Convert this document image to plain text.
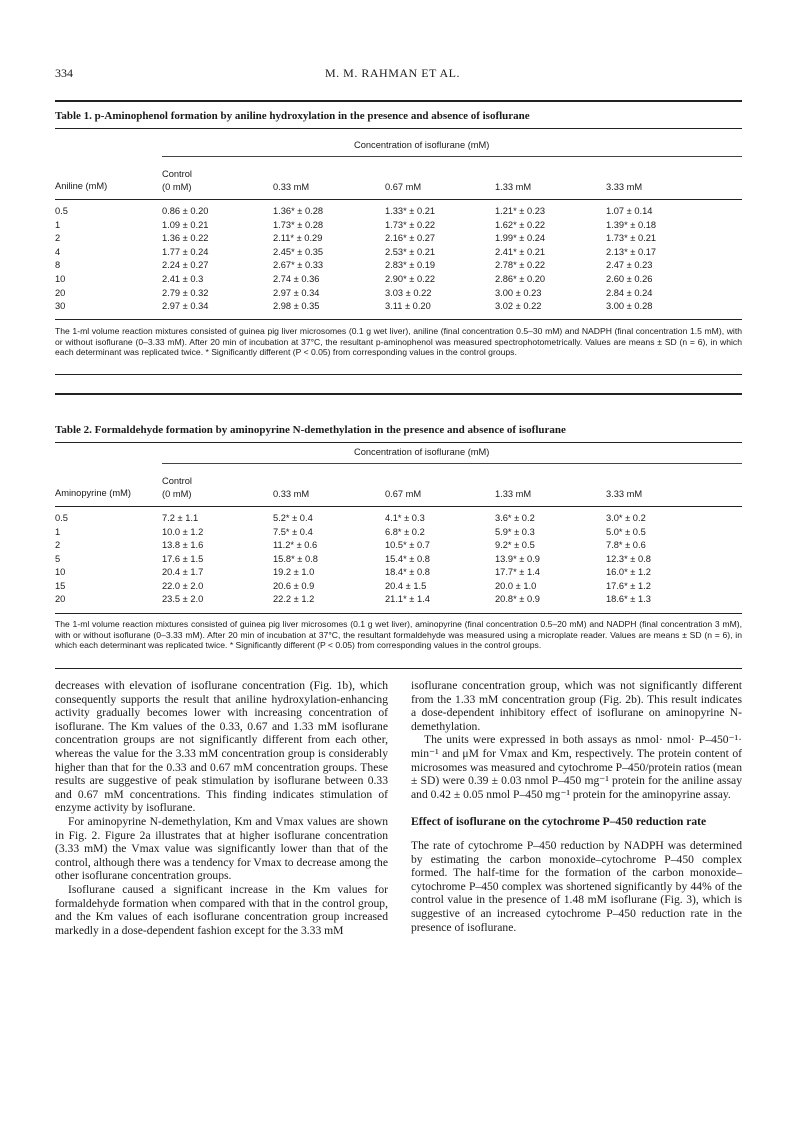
334	M. M. RAHMAN ET AL.
Table 1. p-Aminophenol formation by aniline hydroxylation in the presence and absence of isoflurane
Concentration of isoflurane (mM)
Aniline (mM)
Control
(0 mM)	0.33 mM	0.67 mM	1.33 mM	3.33 mM
0.5	0.86 ± 0.20	1.36* ± 0.28	1.33* ± 0.21	1.21* ± 0.23	1.07 ± 0.14
1	1.09 ± 0.21	1.73* ± 0.28	1.73* ± 0.22	1.62* ± 0.22	1.39* ± 0.18
2	1.36 ± 0.22	2.11* ± 0.29	2.16* ± 0.27	1.99* ± 0.24	1.73* ± 0.21
4	1.77 ± 0.24	2.45* ± 0.35	2.53* ± 0.21	2.41* ± 0.21	2.13* ± 0.17
8	2.24 ± 0.27	2.67* ± 0.33	2.83* ± 0.19	2.78* ± 0.22	2.47 ± 0.23
10	2.41 ± 0.3	2.74 ± 0.36	2.90* ± 0.22	2.86* ± 0.20	2.60 ± 0.26
20	2.79 ± 0.32	2.97 ± 0.34	3.03 ± 0.22	3.00 ± 0.23	2.84 ± 0.24
30	2.97 ± 0.34	2.98 ± 0.35	3.11 ± 0.20	3.02 ± 0.22	3.00 ± 0.28
The 1-ml volume reaction mixtures consisted of guinea pig liver microsomes (0.1 g wet liver), aniline (final concentration 0.5–30 mM) and NADPH (final concentration 1.5 mM), with or without isoflurane (0–3.33 mM). After 20 min of incubation at 37°C, the resultant p-aminophenol was measured spectrophotometrically. Values are means ± SD (n = 6), in which each determinant was replicated twice. * Significantly different (P < 0.05) from corresponding values in the control groups.
Table 2. Formaldehyde formation by aminopyrine N-demethylation in the presence and absence of isoflurane
Concentration of isoflurane (mM)
Aminopyrine (mM)
Control
(0 mM)	0.33 mM	0.67 mM	1.33 mM	3.33 mM
0.5	7.2 ± 1.1	5.2* ± 0.4	4.1* ± 0.3	3.6* ± 0.2	3.0* ± 0.2
1	10.0 ± 1.2	7.5* ± 0.4	6.8* ± 0.2	5.9* ± 0.3	5.0* ± 0.5
2	13.8 ± 1.6	11.2* ± 0.6	10.5* ± 0.7	9.2* ± 0.5	7.8* ± 0.6
5	17.6 ± 1.5	15.8* ± 0.8	15.4* ± 0.8	13.9* ± 0.9	12.3* ± 0.8
10	20.4 ± 1.7	19.2 ± 1.0	18.4* ± 0.8	17.7* ± 1.4	16.0* ± 1.2
15	22.0 ± 2.0	20.6 ± 0.9	20.4 ± 1.5	20.0 ± 1.0	17.6* ± 1.2
20	23.5 ± 2.0	22.2 ± 1.2	21.1* ± 1.4	20.8* ± 0.9	18.6* ± 1.3
The 1-ml volume reaction mixtures consisted of guinea pig liver microsomes (0.1 g wet liver), aminopyrine (final concentration 0.5–20 mM) and NADPH (final concentration 3 mM), with or without isoflurane (0–3.33 mM). After 20 min of incubation at 37°C, the resultant formaldehyde was measured using a microplate reader. Values are means ± SD (n = 6), in which each determinant was replicated twice. * Significantly different (P < 0.05) from corresponding values in the control groups.

decreases with elevation of isoflurane concentration (Fig. 1b), which consequently supports the result that aniline hydroxylation-enhancing activity gradually becomes lower with increasing concentration of isoflurane. The Km values of the 0.33, 0.67 and 1.33 mM isoflurane concentration groups are not significantly different from each other, whereas the value for the 3.33 mM concentration group is considerably higher than that for the 0.33 and 0.67 mM concentration groups. These results are suggestive of peak stimulation by isoflurane between 0.33 and 0.67 mM concentrations. This finding indicates stimulation of enzyme activity by isoflurane.

For aminopyrine N-demethylation, Km and Vmax values are shown in Fig. 2. Figure 2a illustrates that at higher isoflurane concentration (3.33 mM) the Vmax value was significantly lower than that of the control, although there was a tendency for Vmax to decrease among the other isoflurane concentration groups.

Isoflurane caused a significant increase in the Km values for formaldehyde formation when compared with that in the control group, and the Km values of each isoflurane concentration group increased markedly in a dose-dependent fashion except for the 3.33 mM

isoflurane concentration group, which was not significantly different from the 1.33 mM concentration group (Fig. 2b). This result indicates a dose-dependent inhibitory effect of isoflurane on aminopyrine N-demethylation.

The units were expressed in both assays as nmol· nmol· P–450⁻¹· min⁻¹ and μM for Vmax and Km, respectively. The protein content of microsomes was measured and cytochrome P–450/protein ratios (mean ± SD) were 0.39 ± 0.03 nmol P–450 mg⁻¹ protein for the aniline assay and 0.42 ± 0.05 nmol P–450 mg⁻¹ protein for the aminopyrine assay.

Effect of isoflurane on the cytochrome P–450 reduction rate

The rate of cytochrome P–450 reduction by NADPH was determined by estimating the carbon monoxide–cytochrome P–450 complex formed. The half-time for the formation of the carbon monoxide–cytochrome P–450 complex was shortened significantly by 44% of the control value in the presence of 1.48 mM isoflurane (Fig. 3), which is suggestive of an increased cytochrome P–450 reduction rate in the presence of isoflurane.
